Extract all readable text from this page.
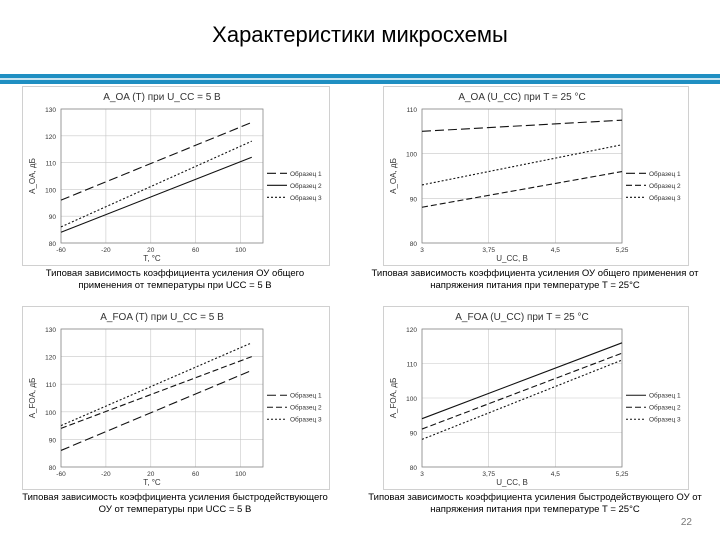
Характеристики микросхемы
A_OA (T) при U_CC = 5 В
80
90
100
110
120
130
-60	-20	20	60	100
T, °C
A_OA, дБ	Образец 1
Образец 2
Образец 3
A_OA (U_CC) при T = 25 °C
80
90
100
110
3	3,75	4,5	5,25
U_CC, В
A_OA, дБ	Образец 1
Образец 2
Образец 3
A_FOA (T) при U_CC = 5 В
80
90
100
110
120
130
-60	-20	20	60	100
T, °C
A_FOA, дБ	Образец 1
Образец 2
Образец 3
A_FOA (U_CC) при T = 25 °C
80
90
100
110
120
3	3,75	4,5	5,25
U_CC, В
A_FOA, дБ	Образец 1
Образец 2
Образец 3
Типовая зависимость коэффициента усиления ОУ общего применения от температуры при UCC = 5 В
Типовая зависимость коэффициента усиления ОУ общего применения от напряжения питания при температуре T = 25°C
Типовая зависимость коэффициента усиления быстродействующего ОУ от температуры при UCC = 5 В
Типовая зависимость коэффициента усиления быстродействующего ОУ от напряжения питания при температуре T = 25°C
22
